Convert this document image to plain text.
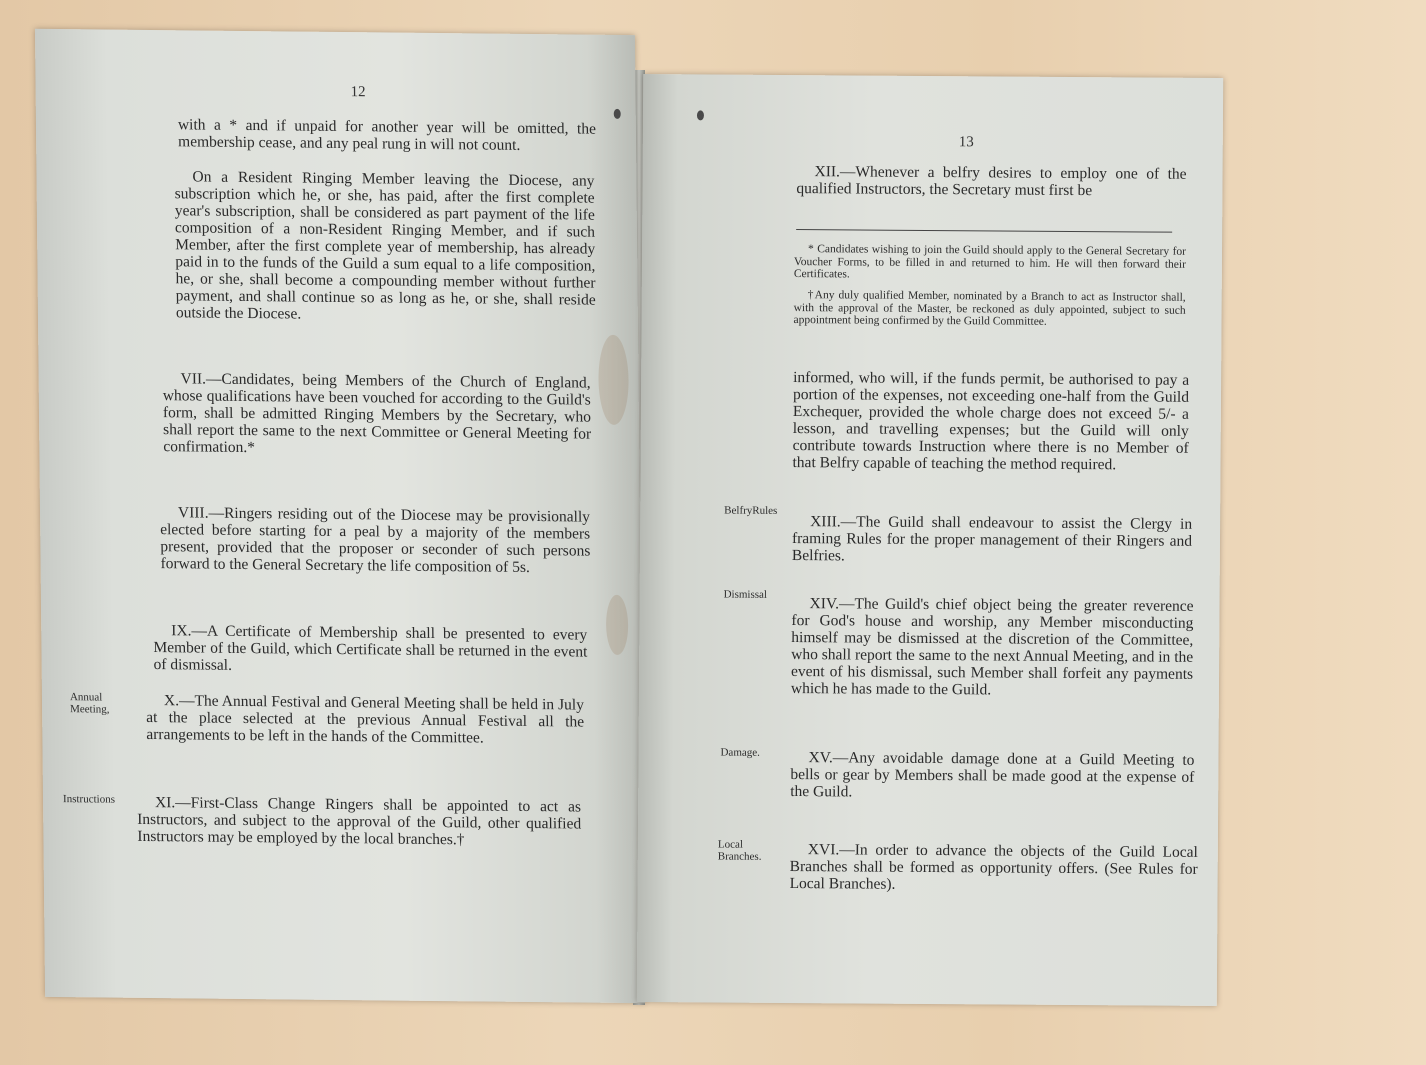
12

with a * and if unpaid for another year will be omitted, the membership cease, and any peal rung in will not count.

On a Resident Ringing Member leaving the Diocese, any subscription which he, or she, has paid, after the first complete year's subscription, shall be considered as part payment of the life composition of a non-Resident Ringing Member, and if such Member, after the first complete year of membership, has already paid in to the funds of the Guild a sum equal to a life composition, he, or she, shall become a compounding member without further payment, and shall continue so as long as he, or she, shall reside outside the Diocese.

VII.—Candidates, being Members of the Church of England, whose qualifications have been vouched for according to the Guild's form, shall be admitted Ringing Members by the Secretary, who shall report the same to the next Committee or General Meeting for confirmation.*

VIII.—Ringers residing out of the Diocese may be provisionally elected before starting for a peal by a majority of the members present, provided that the proposer or seconder of such persons forward to the General Secretary the life composition of 5s.

IX.—A Certificate of Membership shall be presented to every Member of the Guild, which Certificate shall be returned in the event of dismissal.

Annual Meeting,	X.—The Annual Festival and General Meeting shall be held in July at the place selected at the previous Annual Festival all the arrangements to be left in the hands of the Committee.

Instructions	XI.—First-Class Change Ringers shall be appointed to act as Instructors, and subject to the approval of the Guild, other qualified Instructors may be employed by the local branches.†

13

XII.—Whenever a belfry desires to employ one of the qualified Instructors, the Secretary must first be

* Candidates wishing to join the Guild should apply to the General Secretary for Voucher Forms, to be filled in and returned to him. He will then forward their Certificates.
†Any duly qualified Member, nominated by a Branch to act as Instructor shall, with the approval of the Master, be reckoned as duly appointed, subject to such appointment being confirmed by the Guild Committee.

informed, who will, if the funds permit, be authorised to pay a portion of the expenses, not exceeding one-half from the Guild Exchequer, provided the whole charge does not exceed 5/- a lesson, and travelling expenses; but the Guild will only contribute towards Instruction where there is no Member of that Belfry capable of teaching the method required.

BelfryRules

XIII.—The Guild shall endeavour to assist the Clergy in framing Rules for the proper management of their Ringers and Belfries.

Dismissal

XIV.—The Guild's chief object being the greater reverence for God's house and worship, any Member misconducting himself may be dismissed at the discretion of the Committee, who shall report the same to the next Annual Meeting, and in the event of his dismissal, such Member shall forfeit any payments which he has made to the Guild.

Damage.	XV.—Any avoidable damage done at a Guild Meeting to bells or gear by Members shall be made good at the expense of the Guild.

Local Branches.	XVI.—In order to advance the objects of the Guild Local Branches shall be formed as opportunity offers. (See Rules for Local Branches).
